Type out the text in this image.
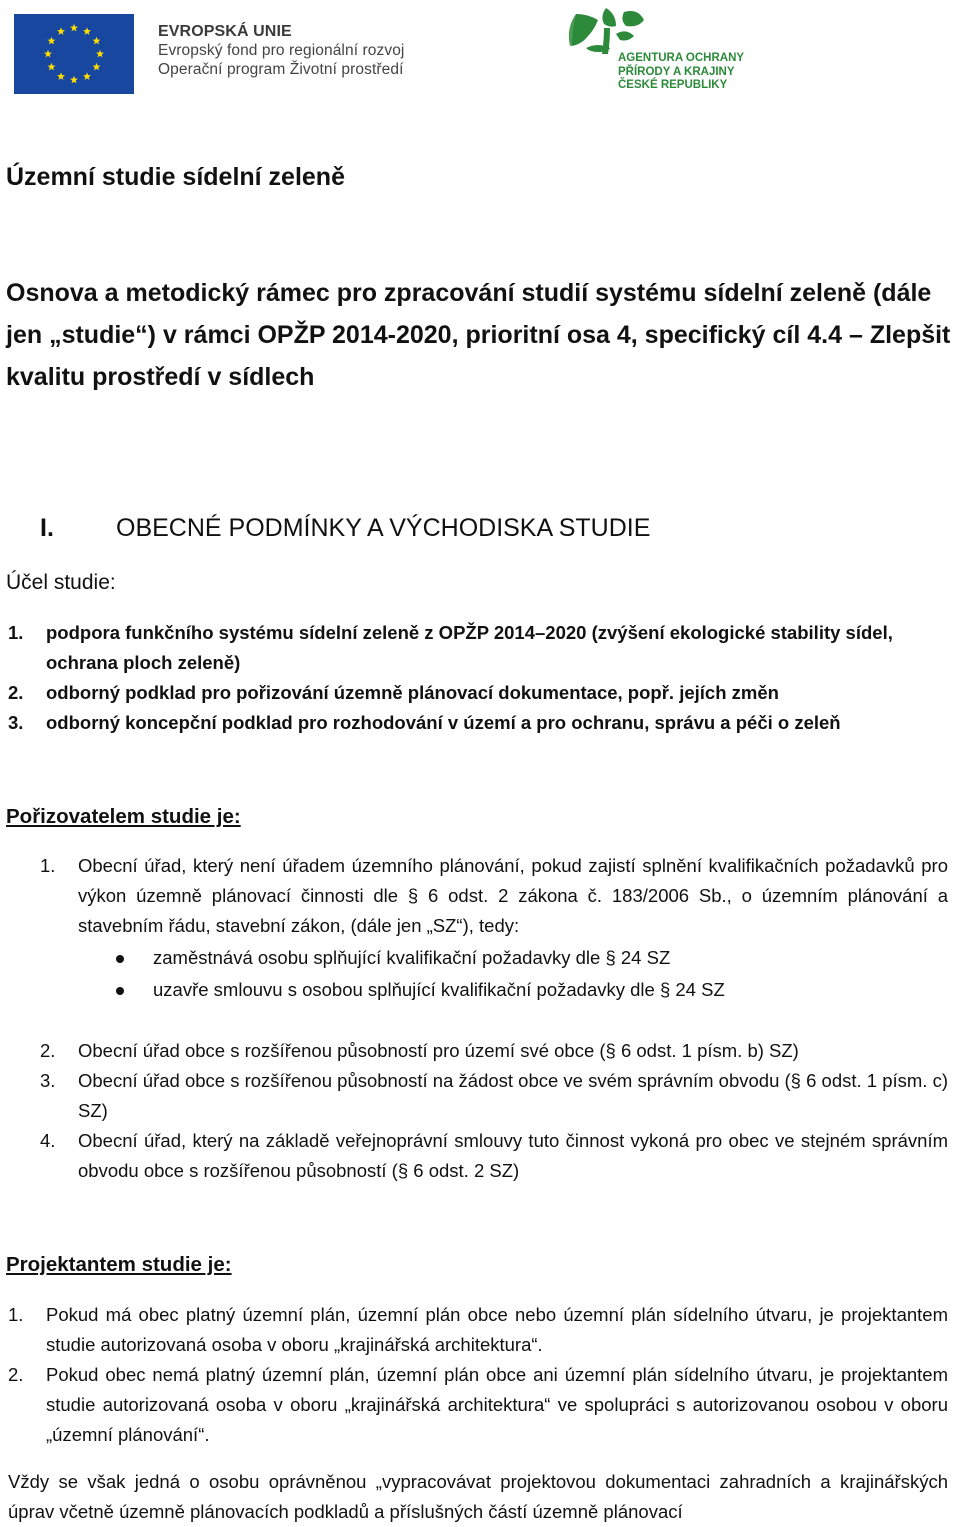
EVROPSKÁ UNIE
Evropský fond pro regionální rozvoj
Operační program Životní prostředí
AGENTURA OCHRANY
PŘÍRODY A KRAJINY
ČESKÉ REPUBLIKY
Územní studie sídelní zeleně
Osnova a metodický rámec pro zpracování studií systému sídelní zeleně (dále jen „studie“) v rámci OPŽP 2014-2020, prioritní osa 4, specifický cíl 4.4 – Zlepšit kvalitu prostředí v sídlech
I. OBECNÉ PODMÍNKY A VÝCHODISKA STUDIE
Účel studie:
1. podpora funkčního systému sídelní zeleně z OPŽP 2014–2020 (zvýšení ekologické stability sídel, ochrana ploch zeleně)
2. odborný podklad pro pořizování územně plánovací dokumentace, popř. jejích změn
3. odborný koncepční podklad pro rozhodování v území a pro ochranu, správu a péči o zeleň
Pořizovatelem studie je:
1. Obecní úřad, který není úřadem územního plánování, pokud zajistí splnění kvalifikačních požadavků pro výkon územně plánovací činnosti dle § 6 odst. 2 zákona č. 183/2006 Sb., o územním plánování a stavebním řádu, stavební zákon, (dále jen „SZ“), tedy:
zaměstnává osobu splňující kvalifikační požadavky dle § 24 SZ
uzavře smlouvu s osobou splňující kvalifikační požadavky dle § 24 SZ
2. Obecní úřad obce s rozšířenou působností pro území své obce (§ 6 odst. 1 písm. b) SZ)
3. Obecní úřad obce s rozšířenou působností na žádost obce ve svém správním obvodu (§ 6 odst. 1 písm. c) SZ)
4. Obecní úřad, který na základě veřejnoprávní smlouvy tuto činnost vykoná pro obec ve stejném správním obvodu obce s rozšířenou působností (§ 6 odst. 2 SZ)
Projektantem studie je:
1. Pokud má obec platný územní plán, územní plán obce nebo územní plán sídelního útvaru, je projektantem studie autorizovaná osoba v oboru „krajinářská architektura“.
2. Pokud obec nemá platný územní plán, územní plán obce ani územní plán sídelního útvaru, je projektantem studie autorizovaná osoba v oboru „krajinářská architektura“ ve spolupráci s autorizovanou osobou v oboru „územní plánování“.
Vždy se však jedná o osobu oprávněnou „vypracovávat projektovou dokumentaci zahradních a krajinářských úprav včetně územně plánovacích podkladů a příslušných částí územně plánovací
